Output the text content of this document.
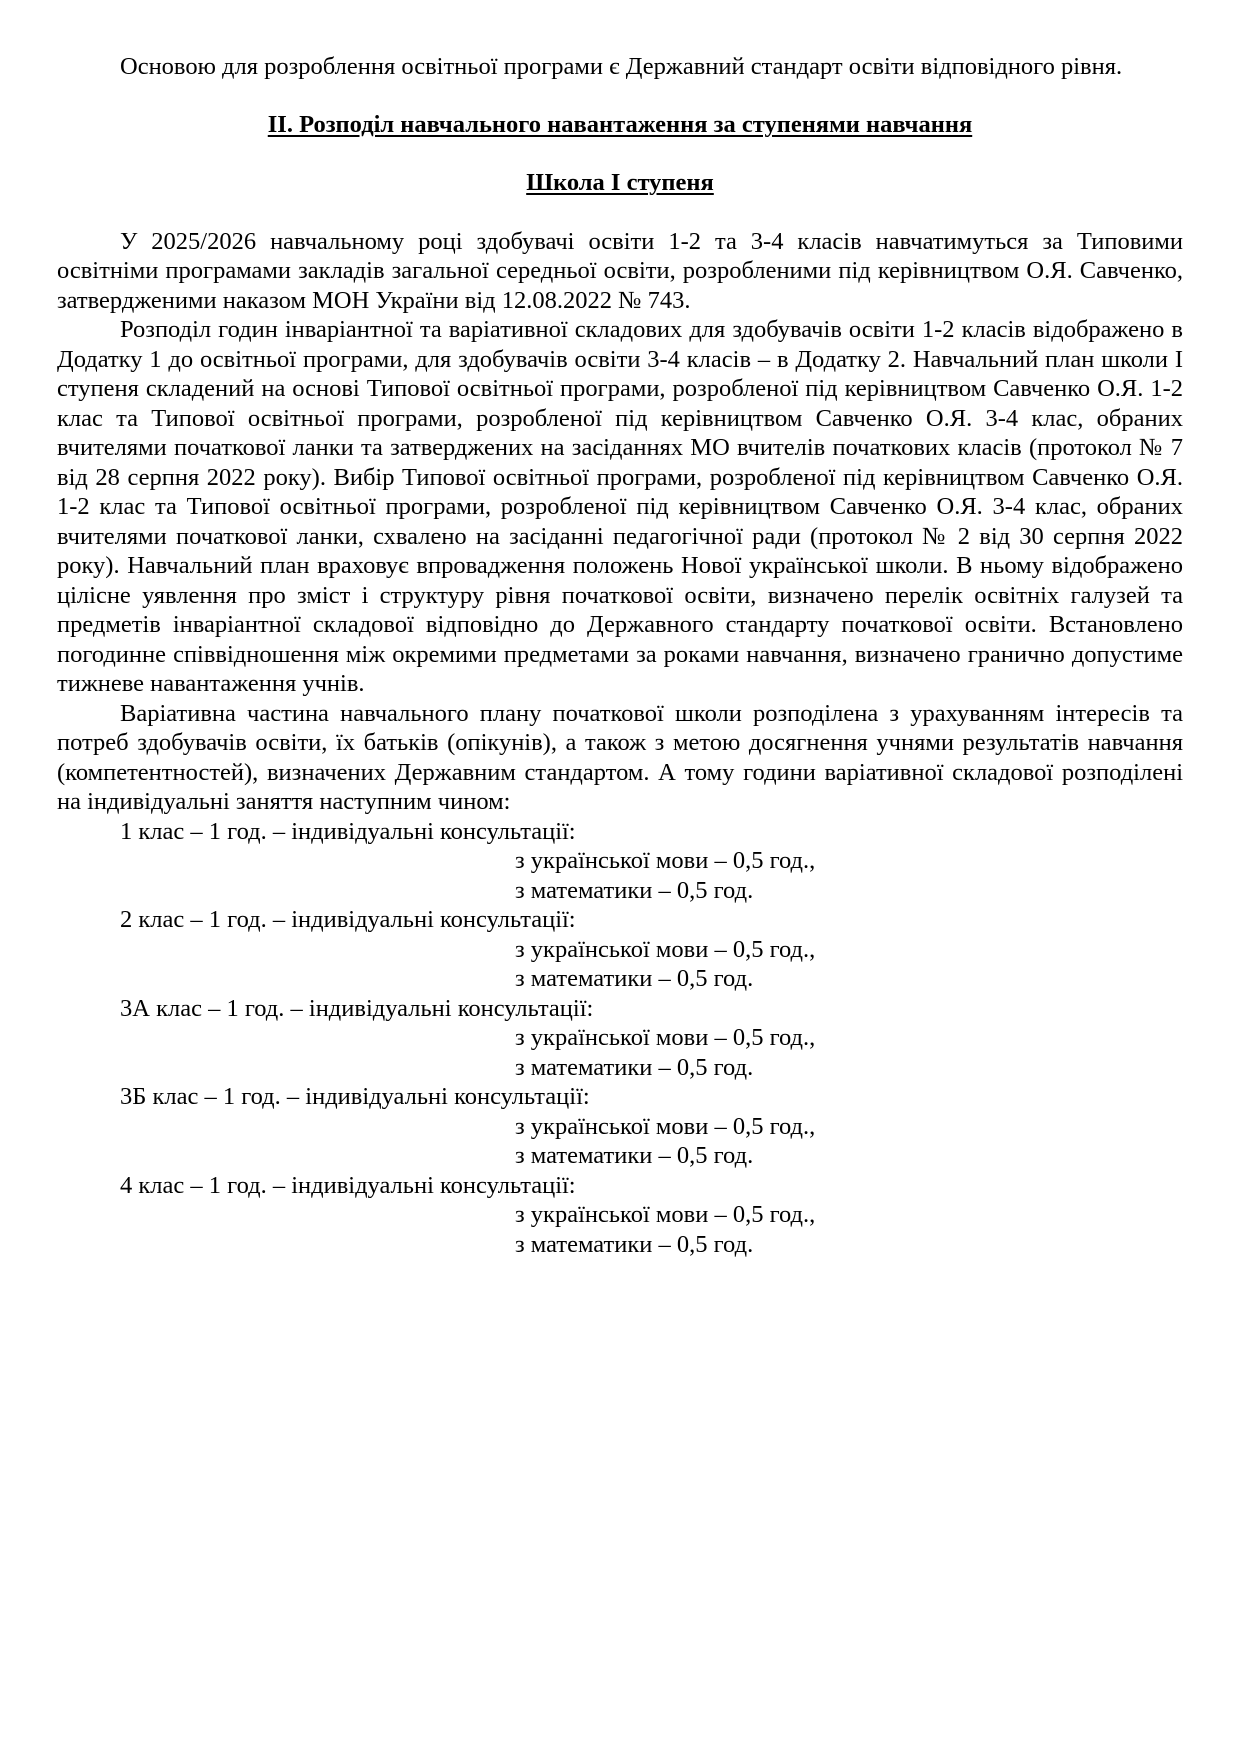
Основою для розроблення освітньої програми є Державний стандарт освіти відповідного рівня.

ІІ. Розподіл навчального навантаження за ступенями навчання

Школа І ступеня

У 2025/2026 навчальному році здобувачі освіти 1-2 та 3-4 класів навчатимуться за Типовими освітніми програмами закладів загальної середньої освіти, розробленими під керівництвом О.Я. Савченко, затвердженими наказом МОН України від 12.08.2022 № 743.

Розподіл годин інваріантної та варіативної складових для здобувачів освіти 1-2 класів відображено в Додатку 1 до освітньої програми, для здобувачів освіти 3-4 класів – в Додатку 2. Навчальний план школи І ступеня складений на основі Типової освітньої програми, розробленої під керівництвом Савченко О.Я. 1-2 клас та Типової освітньої програми, розробленої під керівництвом Савченко О.Я. 3-4 клас, обраних вчителями початкової ланки та затверджених на засіданнях МО вчителів початкових класів (протокол № 7 від 28 серпня 2022 року). Вибір Типової освітньої програми, розробленої під керівництвом Савченко О.Я. 1-2 клас та Типової освітньої програми, розробленої під керівництвом Савченко О.Я. 3-4 клас, обраних вчителями початкової ланки, схвалено на засіданні педагогічної ради (протокол № 2 від 30 серпня 2022 року). Навчальний план враховує впровадження положень Нової української школи. В ньому відображено цілісне уявлення про зміст і структуру рівня початкової освіти, визначено перелік освітніх галузей та предметів інваріантної складової відповідно до Державного стандарту початкової освіти. Встановлено погодинне співвідношення між окремими предметами за роками навчання, визначено гранично допустиме тижневе навантаження учнів.

Варіативна частина навчального плану початкової школи розподілена з урахуванням інтересів та потреб здобувачів освіти, їх батьків (опікунів), а також з метою досягнення учнями результатів навчання (компетентностей), визначених Державним стандартом. А тому години варіативної складової розподілені на індивідуальні заняття наступним чином:

1 клас – 1 год. – індивідуальні консультації:

з української мови – 0,5 год.,

з математики – 0,5 год.

2 клас – 1 год. – індивідуальні консультації:

з української мови – 0,5 год.,

з математики – 0,5 год.

3А клас – 1 год. – індивідуальні консультації:

з української мови – 0,5 год.,

з математики – 0,5 год.

3Б клас – 1 год. – індивідуальні консультації:

з української мови – 0,5 год.,

з математики – 0,5 год.

4 клас – 1 год. – індивідуальні консультації:

з української мови – 0,5 год.,

з математики – 0,5 год.
